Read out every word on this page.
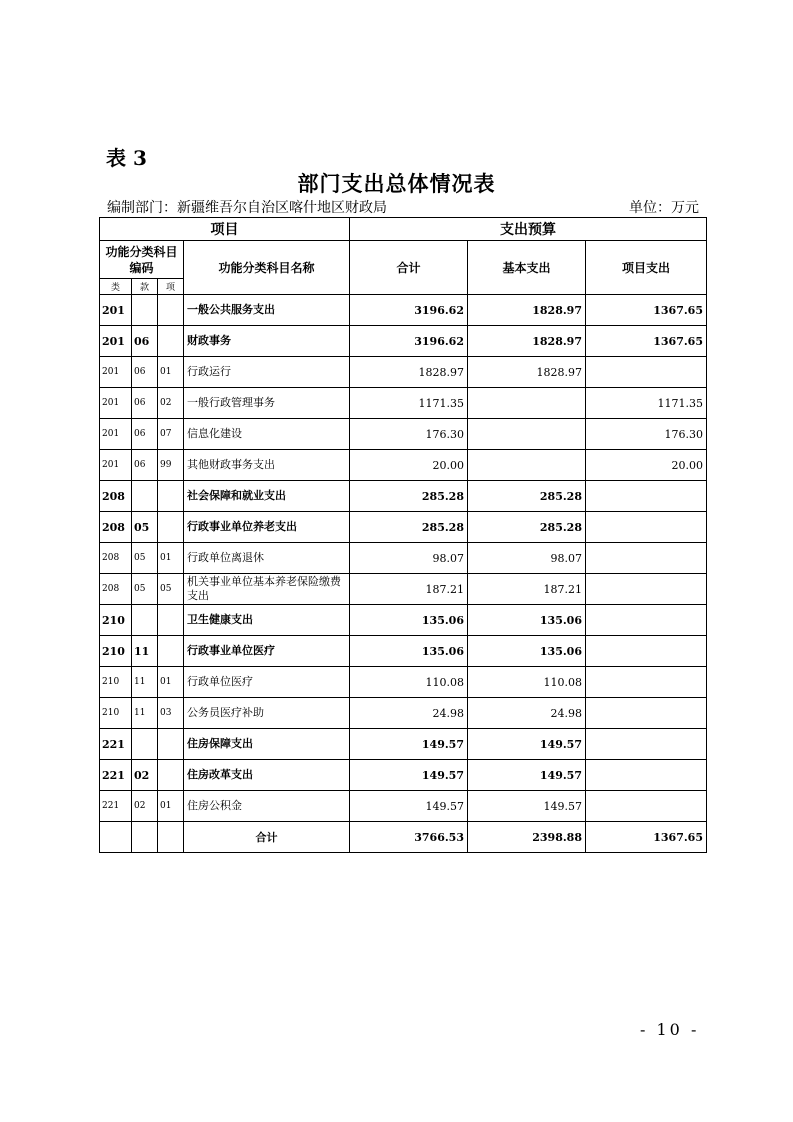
表 3
部门支出总体情况表
编制部门：新疆维吾尔自治区喀什地区财政局	单位：万元
项目				支出预算		
功能分类科目编码			功能分类科目名称	合计	基本支出	项目支出
类	款	项				
201			一般公共服务支出	3196.62	1828.97	1367.65
201	06		财政事务	3196.62	1828.97	1367.65
201	06	01	行政运行	1828.97	1828.97	
201	06	02	一般行政管理事务	1171.35		1171.35
201	06	07	信息化建设	176.30		176.30
201	06	99	其他财政事务支出	20.00		20.00
208			社会保障和就业支出	285.28	285.28	
208	05		行政事业单位养老支出	285.28	285.28	
208	05	01	行政单位离退休	98.07	98.07	
208	05	05	机关事业单位基本养老保险缴费支出	187.21	187.21	
210			卫生健康支出	135.06	135.06	
210	11		行政事业单位医疗	135.06	135.06	
210	11	01	行政单位医疗	110.08	110.08	
210	11	03	公务员医疗补助	24.98	24.98	
221			住房保障支出	149.57	149.57	
221	02		住房改革支出	149.57	149.57	
221	02	01	住房公积金	149.57	149.57	
			合计	3766.53	2398.88	1367.65
- 10 -
